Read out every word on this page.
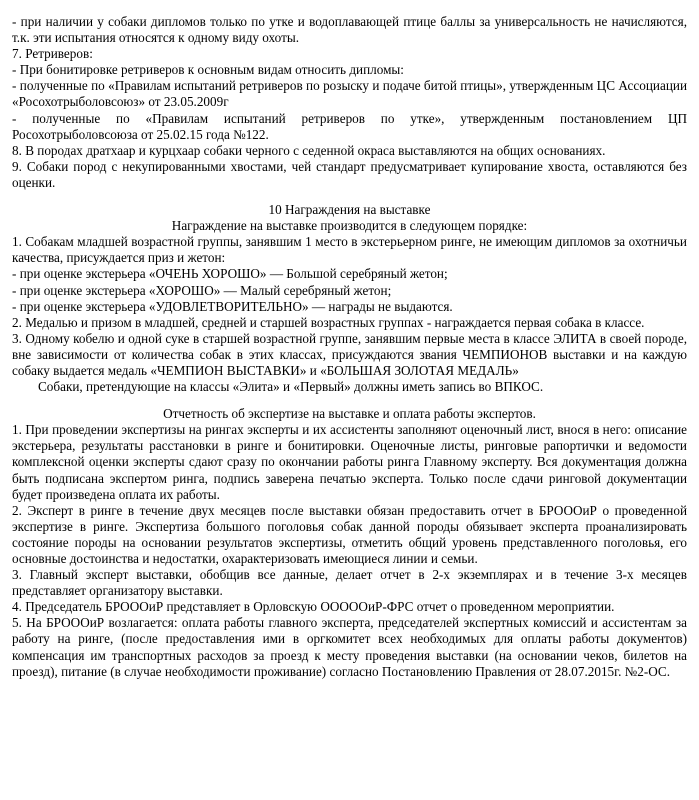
- при наличии у собаки дипломов только по утке и водоплавающей птице баллы за универсальность не начисляются, т.к. эти испытания относятся к одному виду охоты.

7. Ретриверов:

- При бонитировке ретриверов к основным видам относить дипломы:

- полученные по «Правилам испытаний ретриверов по розыску и подаче битой птицы», утвержденным ЦС Ассоциации «Росохотрыболовсоюз» от 23.05.2009г

- полученные по «Правилам испытаний ретриверов по утке», утвержденным постановлением ЦП Росохотрыболовсоюза от 25.02.15 года №122.

8. В породах дратхаар и курцхаар собаки черного с седенной окраса выставляются на общих основаниях.

9. Собаки пород с некупированными хвостами, чей стандарт предусматривает купирование хвоста, оставляются без оценки.

10 Награждения на выставке

Награждение на выставке производится в следующем порядке:

1. Собакам младшей возрастной группы, занявшим 1 место в экстерьерном ринге, не имеющим дипломов за охотничьи качества, присуждается приз и жетон:

- при оценке экстерьера «ОЧЕНЬ ХОРОШО» — Большой серебряный жетон;

- при оценке экстерьера «ХОРОШО» — Малый серебряный жетон;

- при оценке экстерьера «УДОВЛЕТВОРИТЕЛЬНО» — награды не выдаются.

2. Медалью и призом в младшей, средней и старшей возрастных группах - награждается первая собака в классе.

3. Одному кобелю и одной суке в старшей возрастной группе, занявшим первые места в классе ЭЛИТА в своей породе, вне зависимости от количества собак в этих классах, присуждаются звания ЧЕМПИОНОВ выставки и на каждую собаку выдается медаль «ЧЕМПИОН ВЫСТАВКИ» и «БОЛЬШАЯ ЗОЛОТАЯ МЕДАЛЬ»

Собаки, претендующие на классы «Элита» и «Первый» должны иметь запись во ВПКОС.

Отчетность об экспертизе на выставке и оплата работы экспертов.

1. При проведении экспертизы на рингах эксперты и их ассистенты заполняют оценочный лист, внося в него: описание экстерьера, результаты расстановки в ринге и бонитировки. Оценочные листы, ринговые рапортички и ведомости комплексной оценки эксперты сдают сразу по окончании работы ринга Главному эксперту. Вся документация должна быть подписана экспертом ринга, подпись заверена печатью эксперта. Только после сдачи ринговой документации будет произведена оплата их работы.

2. Эксперт в ринге в течение двух месяцев после выставки обязан предоставить отчет в БРОООиР о проведенной экспертизе в ринге. Экспертиза большого поголовья собак данной породы обязывает эксперта проанализировать состояние породы на основании результатов экспертизы, отметить общий уровень представленного поголовья, его основные достоинства и недостатки, охарактеризовать имеющиеся линии и семьи.

3. Главный эксперт выставки, обобщив все данные, делает отчет в 2-х экземплярах и в течение 3-х месяцев представляет организатору выставки.

4. Председатель БРОООиР представляет в Орловскую ОООООиР-ФРС отчет о проведенном мероприятии.

5. На БРОООиР возлагается: оплата работы главного эксперта, председателей экспертных комиссий и ассистентам за работу на ринге, (после предоставления ими в оргкомитет всех необходимых для оплаты работы документов) компенсация им транспортных расходов за проезд к месту проведения выставки (на основании чеков, билетов на проезд), питание (в случае необходимости проживание) согласно Постановлению Правления от 28.07.2015г. №2-ОС.
